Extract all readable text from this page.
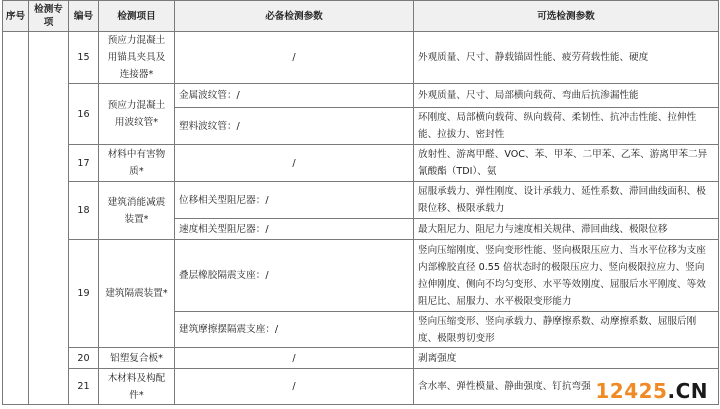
序号	检测专项	编号	检测项目	必备检测参数	可选检测参数
		15	预应力混凝土用锚具夹具及连接器*	/	外观质量、尺寸、静载锚固性能、疲劳荷载性能、硬度
		16	预应力混凝土用波纹管*	金属波纹管：/	外观质量、尺寸、局部横向载荷、弯曲后抗渗漏性能
				塑料波纹管：/	环刚度、局部横向载荷、纵向载荷、柔韧性、抗冲击性能、拉伸性能、拉拔力、密封性
		17	材料中有害物质*	/	放射性、游离甲醛、VOC、苯、甲苯、二甲苯、乙苯、游离甲苯二异氰酸酯（TDI）、氨
		18	建筑消能减震装置*	位移相关型阻尼器：/	屈服承载力、弹性刚度、设计承载力、延性系数、滞回曲线面积、极限位移、极限承载力
				速度相关型阻尼器：/	最大阻尼力、阻尼力与速度相关规律、滞回曲线、极限位移
		19	建筑隔震装置*	叠层橡胶隔震支座：/	竖向压缩刚度、竖向变形性能、竖向极限压应力、当水平位移为支座内部橡胶直径 0.55 倍状态时的极限压应力、竖向极限拉应力、竖向拉伸刚度、侧向不均匀变形、水平等效刚度、屈服后水平刚度、等效阻尼比、屈服力、水平极限变形能力
				建筑摩擦摆隔震支座：/	竖向压缩变形、竖向承载力、静摩擦系数、动摩擦系数、屈服后刚度、极限剪切变形
		20	铝塑复合板*	/	剥离强度
		21	木材料及构配件*	/	含水率、弹性模量、静曲强度、钉抗弯强 12425.CN
